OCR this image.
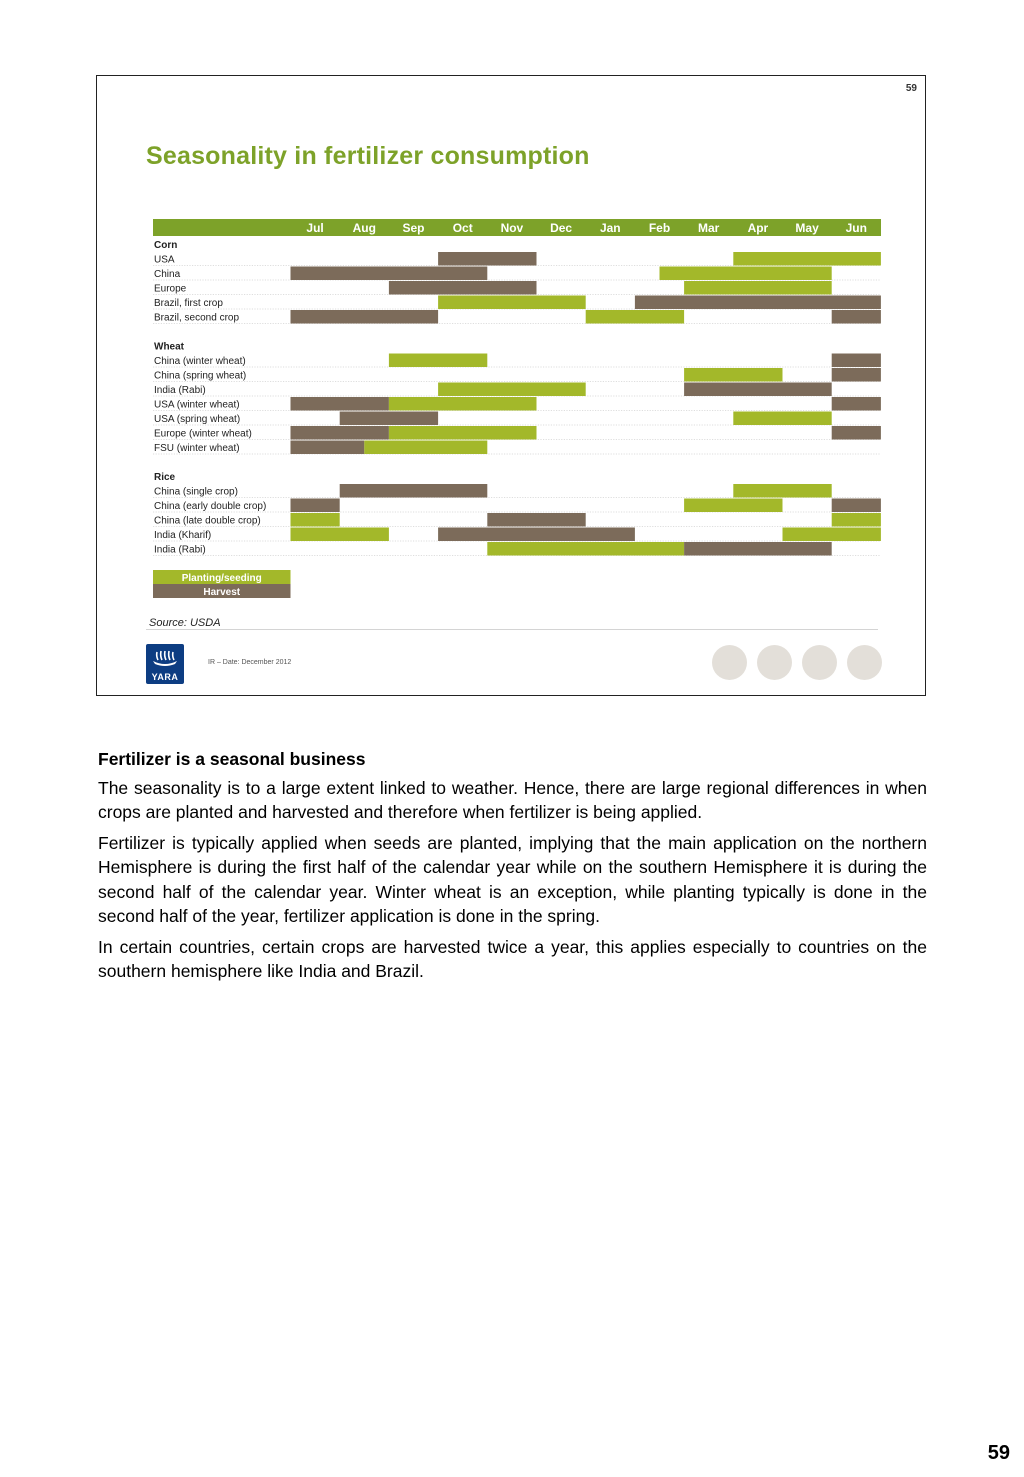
59
Seasonality in fertilizer consumption
Jul Aug Sep Oct Nov Dec Jan Feb Mar Apr May Jun
Corn
USA
China
Europe
Brazil, first crop
Brazil, second crop
Wheat
China (winter wheat)
China (spring wheat)
India (Rabi)
USA (winter wheat)
USA (spring wheat)
Europe (winter wheat)
FSU (winter wheat)
Rice
China (single crop)
China (early double crop)
China (late double crop)
India (Kharif)
India (Rabi)
Planting/seeding
Harvest
Source: USDA
YARA
IR – Date: December 2012
Fertilizer is a seasonal business

The seasonality is to a large extent linked to weather. Hence, there are large regional differences in when crops are planted and harvested and therefore when fertilizer is being applied.

Fertilizer is typically applied when seeds are planted, implying that the main application on the northern Hemisphere is during the first half of the calendar year while on the southern Hemisphere it is during the second half of the calendar year. Winter wheat is an exception, while planting typically is done in the second half of the year, fertilizer application is done in the spring.

In certain countries, certain crops are harvested twice a year, this applies especially to countries on the southern hemisphere like India and Brazil.

59
